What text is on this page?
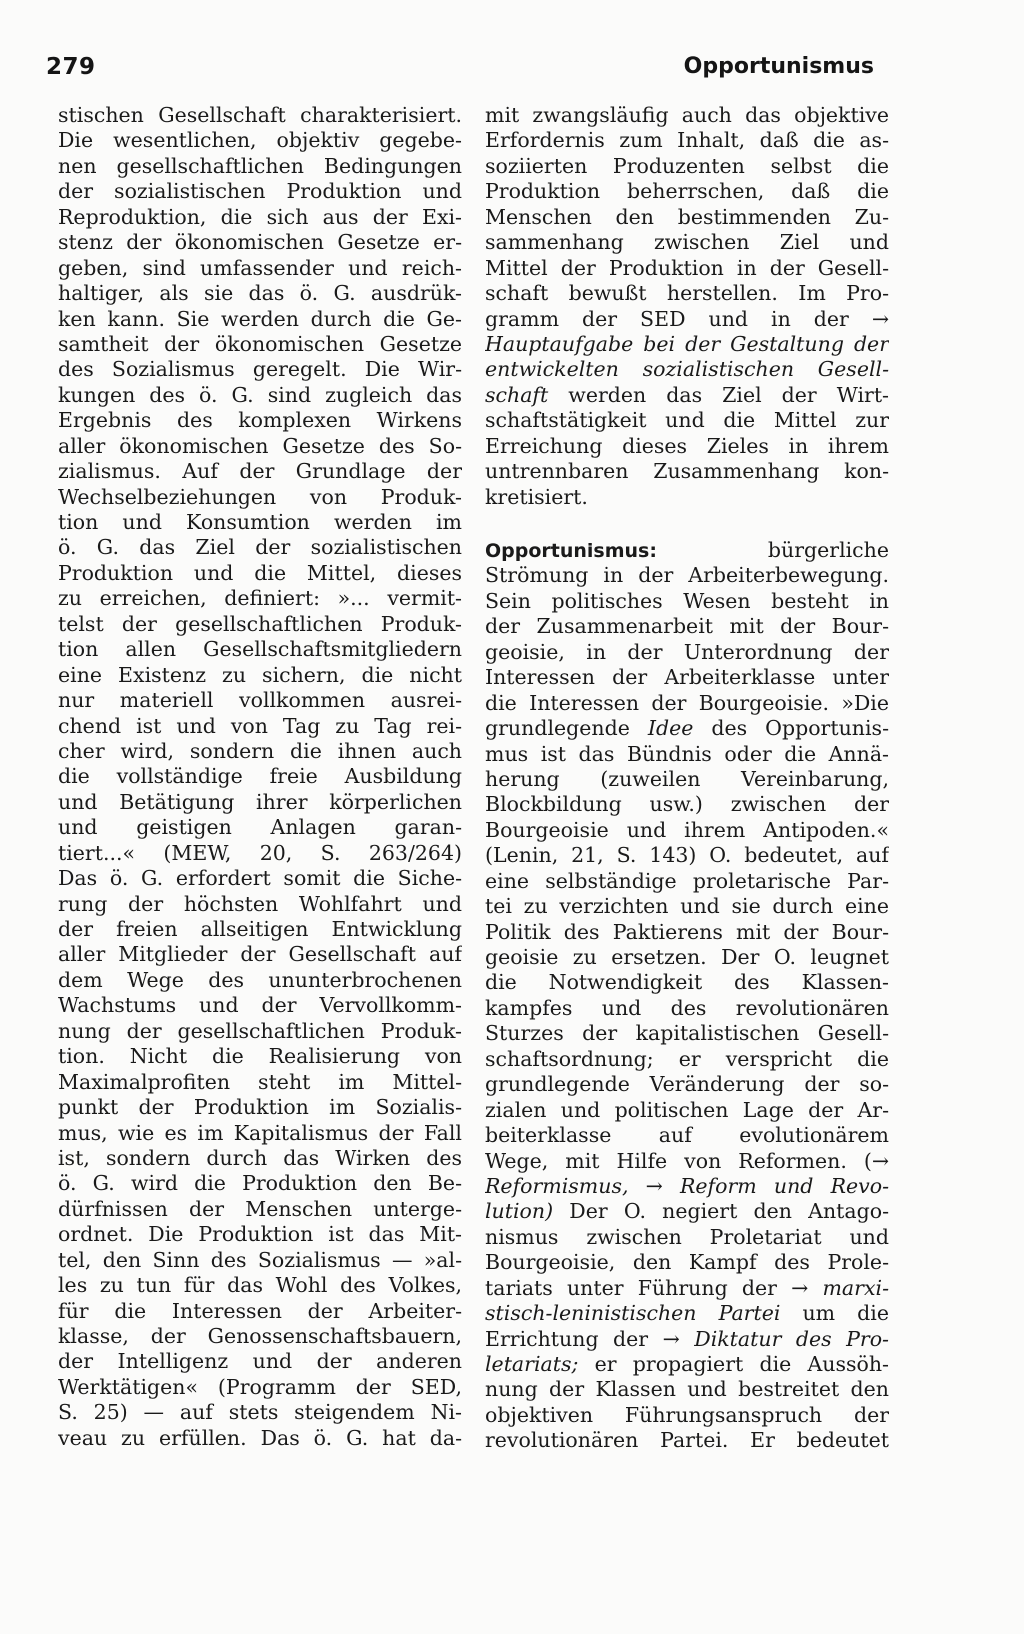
279	Opportunismus
stischen Gesellschaft charakterisiert.
Die wesentlichen, objektiv gegebe-
nen gesellschaftlichen Bedingungen
der sozialistischen Produktion und
Reproduktion, die sich aus der Exi-
stenz der ökonomischen Gesetze er-
geben, sind umfassender und reich-
haltiger, als sie das ö. G. ausdrük-
ken kann. Sie werden durch die Ge-
samtheit der ökonomischen Gesetze
des Sozialismus geregelt. Die Wir-
kungen des ö. G. sind zugleich das
Ergebnis des komplexen Wirkens
aller ökonomischen Gesetze des So-
zialismus. Auf der Grundlage der
Wechselbeziehungen von Produk-
tion und Konsumtion werden im
ö. G. das Ziel der sozialistischen
Produktion und die Mittel, dieses
zu erreichen, definiert: »... vermit-
telst der gesellschaftlichen Produk-
tion allen Gesellschaftsmitgliedern
eine Existenz zu sichern, die nicht
nur materiell vollkommen ausrei-
chend ist und von Tag zu Tag rei-
cher wird, sondern die ihnen auch
die vollständige freie Ausbildung
und Betätigung ihrer körperlichen
und geistigen Anlagen garan-
tiert...« (MEW, 20, S. 263/264)
Das ö. G. erfordert somit die Siche-
rung der höchsten Wohlfahrt und
der freien allseitigen Entwicklung
aller Mitglieder der Gesellschaft auf
dem Wege des ununterbrochenen
Wachstums und der Vervollkomm-
nung der gesellschaftlichen Produk-
tion. Nicht die Realisierung von
Maximalprofiten steht im Mittel-
punkt der Produktion im Sozialis-
mus, wie es im Kapitalismus der Fall
ist, sondern durch das Wirken des
ö. G. wird die Produktion den Be-
dürfnissen der Menschen unterge-
ordnet. Die Produktion ist das Mit-
tel, den Sinn des Sozialismus — »al-
les zu tun für das Wohl des Volkes,
für die Interessen der Arbeiter-
klasse, der Genossenschaftsbauern,
der Intelligenz und der anderen
Werktätigen« (Programm der SED,
S. 25) — auf stets steigendem Ni-
veau zu erfüllen. Das ö. G. hat da-
mit zwangsläufig auch das objektive
Erfordernis zum Inhalt, daß die as-
soziierten Produzenten selbst die
Produktion beherrschen, daß die
Menschen den bestimmenden Zu-
sammenhang zwischen Ziel und
Mittel der Produktion in der Gesell-
schaft bewußt herstellen. Im Pro-
gramm der SED und in der →
Hauptaufgabe bei der Gestaltung der
entwickelten sozialistischen Gesell-
schaft werden das Ziel der Wirt-
schaftstätigkeit und die Mittel zur
Erreichung dieses Zieles in ihrem
untrennbaren Zusammenhang kon-
kretisiert.
Opportunismus:	bürgerliche
Strömung in der Arbeiterbewegung.
Sein politisches Wesen besteht in
der Zusammenarbeit mit der Bour-
geoisie, in der Unterordnung der
Interessen der Arbeiterklasse unter
die Interessen der Bourgeoisie. »Die
grundlegende Idee des Opportunis-
mus ist das Bündnis oder die Annä-
herung (zuweilen Vereinbarung,
Blockbildung usw.) zwischen der
Bourgeoisie und ihrem Antipoden.«
(Lenin, 21, S. 143) O. bedeutet, auf
eine selbständige proletarische Par-
tei zu verzichten und sie durch eine
Politik des Paktierens mit der Bour-
geoisie zu ersetzen. Der O. leugnet
die Notwendigkeit des Klassen-
kampfes und des revolutionären
Sturzes der kapitalistischen Gesell-
schaftsordnung; er verspricht die
grundlegende Veränderung der so-
zialen und politischen Lage der Ar-
beiterklasse auf evolutionärem
Wege, mit Hilfe von Reformen. (→
Reformismus, → Reform und Revo-
lution) Der O. negiert den Antago-
nismus zwischen Proletariat und
Bourgeoisie, den Kampf des Prole-
tariats unter Führung der → marxi-
stisch-leninistischen Partei um die
Errichtung der → Diktatur des Pro-
letariats; er propagiert die Aussöh-
nung der Klassen und bestreitet den
objektiven Führungsanspruch der
revolutionären Partei. Er bedeutet
